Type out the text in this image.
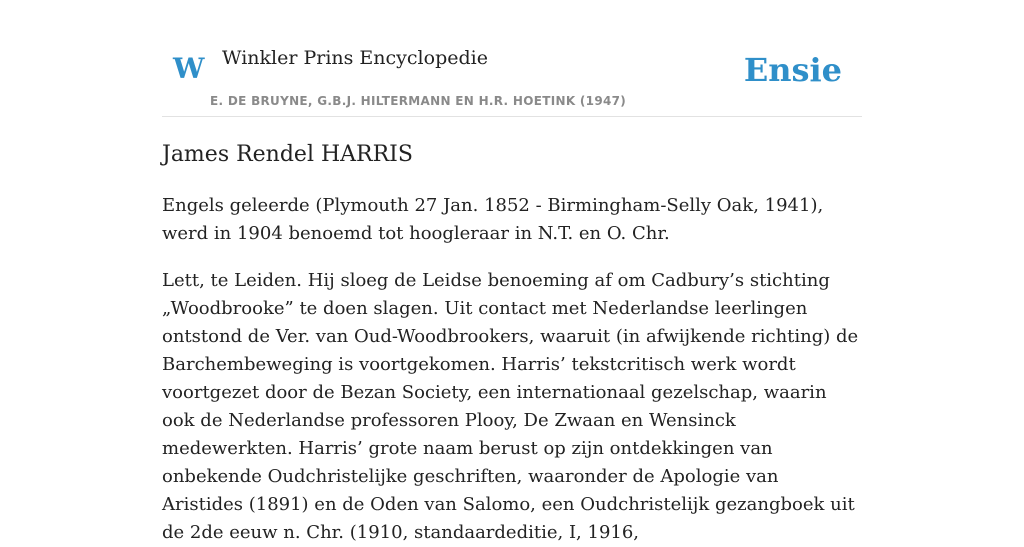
W Winkler Prins Encyclopedie
E. DE BRUYNE, G.B.J. HILTERMANN EN H.R. HOETINK (1947)
Ensie
James Rendel HARRIS

Engels geleerde (Plymouth 27 Jan. 1852 - Birmingham-Selly Oak, 1941), werd in 1904 benoemd tot hoogleraar in N.T. en O. Chr.

Lett, te Leiden. Hij sloeg de Leidse benoeming af om Cadbury’s stichting „Woodbrooke” te doen slagen. Uit contact met Nederlandse leerlingen ontstond de Ver. van Oud-Woodbrookers, waaruit (in afwijkende richting) de Barchembeweging is voortgekomen. Harris’ tekstcritisch werk wordt voortgezet door de Bezan Society, een internationaal gezelschap, waarin ook de Nederlandse professoren Plooy, De Zwaan en Wensinck medewerkten. Harris’ grote naam berust op zijn ontdekkingen van onbekende Oudchristelijke geschriften, waaronder de Apologie van Aristides (1891) en de Oden van Salomo, een Oudchristelijk gezangboek uit de 2de eeuw n. Chr. (1910, standaardeditie, I, 1916,
